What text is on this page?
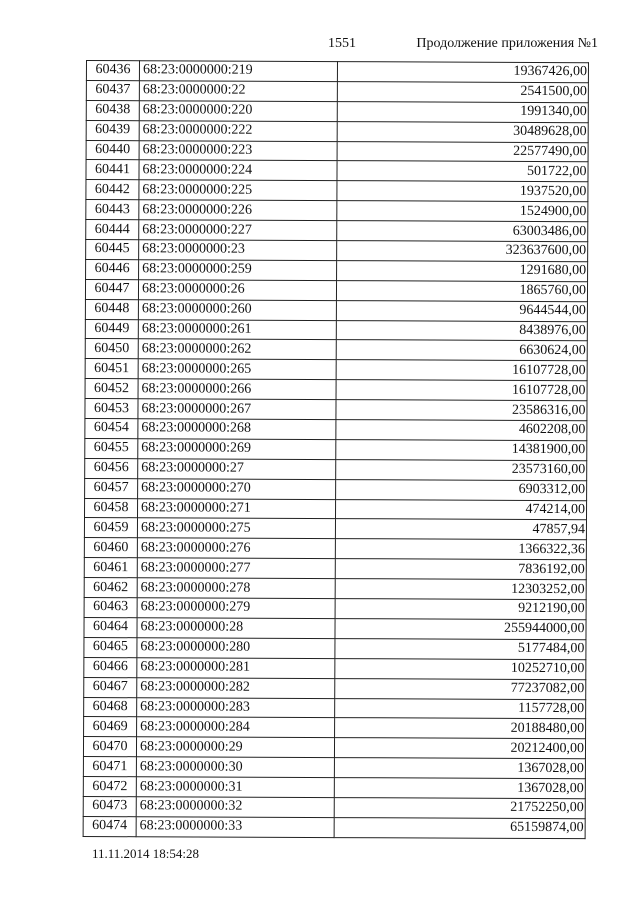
1551	Продолжение приложения №1
60436	68:23:0000000:219	19367426,00
60437	68:23:0000000:22	2541500,00
60438	68:23:0000000:220	1991340,00
60439	68:23:0000000:222	30489628,00
60440	68:23:0000000:223	22577490,00
60441	68:23:0000000:224	501722,00
60442	68:23:0000000:225	1937520,00
60443	68:23:0000000:226	1524900,00
60444	68:23:0000000:227	63003486,00
60445	68:23:0000000:23	323637600,00
60446	68:23:0000000:259	1291680,00
60447	68:23:0000000:26	1865760,00
60448	68:23:0000000:260	9644544,00
60449	68:23:0000000:261	8438976,00
60450	68:23:0000000:262	6630624,00
60451	68:23:0000000:265	16107728,00
60452	68:23:0000000:266	16107728,00
60453	68:23:0000000:267	23586316,00
60454	68:23:0000000:268	4602208,00
60455	68:23:0000000:269	14381900,00
60456	68:23:0000000:27	23573160,00
60457	68:23:0000000:270	6903312,00
60458	68:23:0000000:271	474214,00
60459	68:23:0000000:275	47857,94
60460	68:23:0000000:276	1366322,36
60461	68:23:0000000:277	7836192,00
60462	68:23:0000000:278	12303252,00
60463	68:23:0000000:279	9212190,00
60464	68:23:0000000:28	255944000,00
60465	68:23:0000000:280	5177484,00
60466	68:23:0000000:281	10252710,00
60467	68:23:0000000:282	77237082,00
60468	68:23:0000000:283	1157728,00
60469	68:23:0000000:284	20188480,00
60470	68:23:0000000:29	20212400,00
60471	68:23:0000000:30	1367028,00
60472	68:23:0000000:31	1367028,00
60473	68:23:0000000:32	21752250,00
60474	68:23:0000000:33	65159874,00
11.11.2014 18:54:28
